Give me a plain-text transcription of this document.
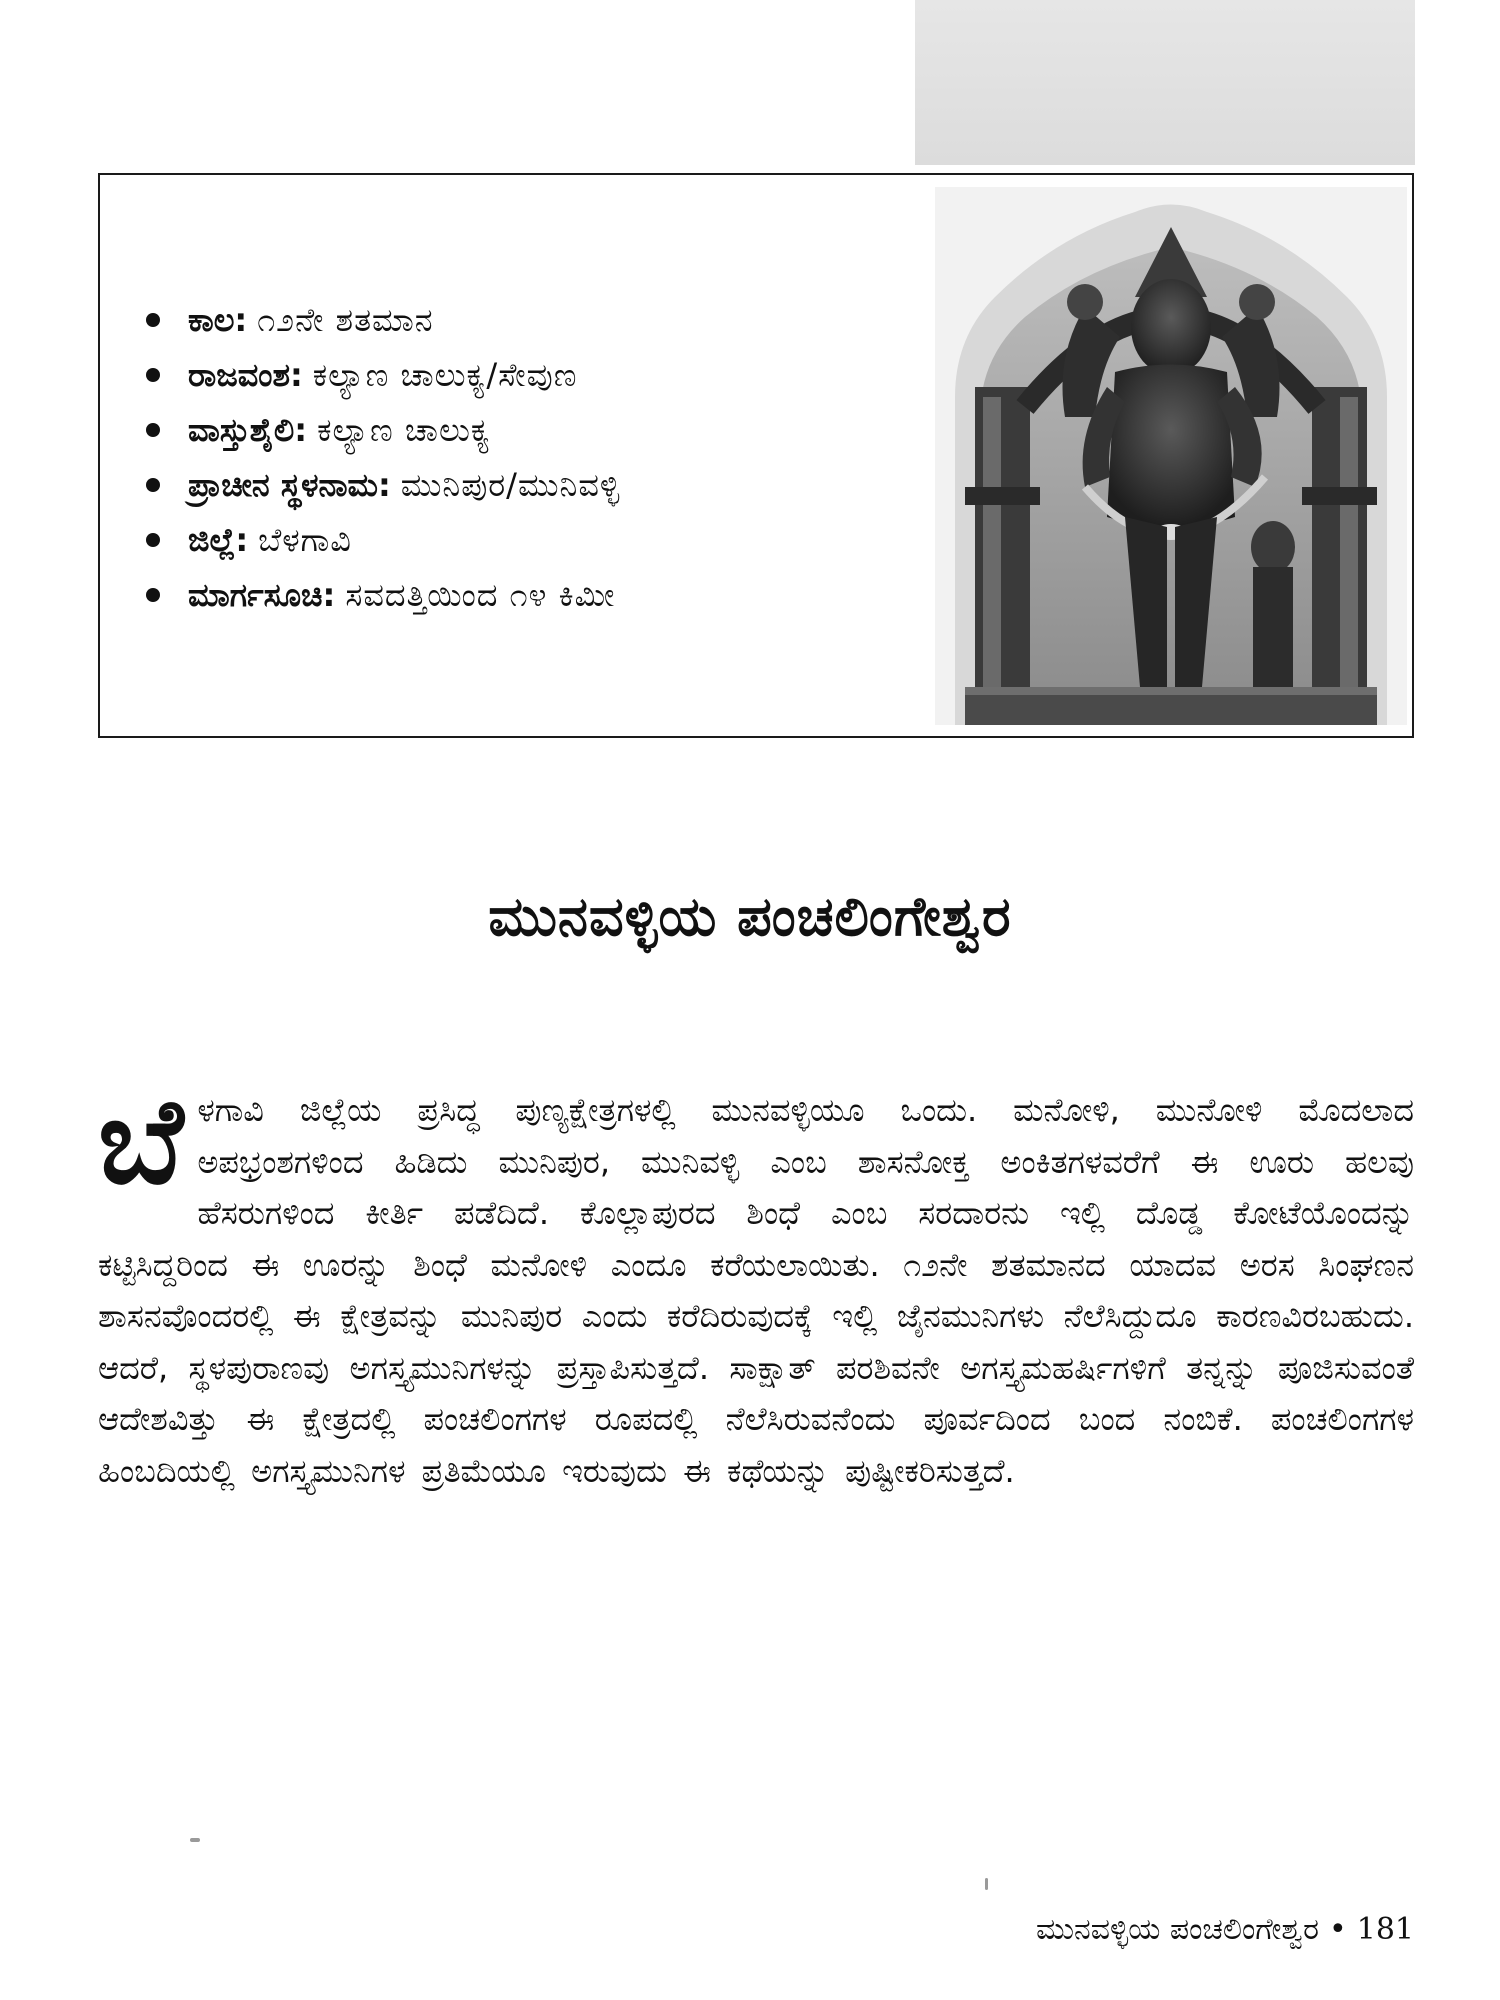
ಕಾಲ: ೧೨ನೇ ಶತಮಾನ
ರಾಜವಂಶ: ಕಲ್ಯಾಣ ಚಾಲುಕ್ಯ/ಸೇವುಣ
ವಾಸ್ತುಶೈಲಿ: ಕಲ್ಯಾಣ ಚಾಲುಕ್ಯ
ಪ್ರಾಚೀನ ಸ್ಥಳನಾಮ: ಮುನಿಪುರ/ಮುನಿವಳ್ಳಿ
ಜಿಲ್ಲೆ: ಬೆಳಗಾವಿ
ಮಾರ್ಗಸೂಚಿ: ಸವದತ್ತಿಯಿಂದ ೧೪ ಕಿಮೀ
ಮುನವಳ್ಳಿಯ ಪಂಚಲಿಂಗೇಶ್ವರ
ಬೆ ಳಗಾವಿ ಜಿಲ್ಲೆಯ ಪ್ರಸಿದ್ಧ ಪುಣ್ಯಕ್ಷೇತ್ರಗಳಲ್ಲಿ ಮುನವಳ್ಳಿಯೂ ಒಂದು. ಮನೋಳಿ, ಮುನೋಳಿ ಮೊದಲಾದ ಅಪಭ್ರಂಶಗಳಿಂದ ಹಿಡಿದು ಮುನಿಪುರ, ಮುನಿವಳ್ಳಿ ಎಂಬ ಶಾಸನೋಕ್ತ ಅಂಕಿತಗಳವರೆಗೆ ಈ ಊರು ಹಲವು ಹೆಸರುಗಳಿಂದ ಕೀರ್ತಿ ಪಡೆದಿದೆ. ಕೊಲ್ಲಾಪುರದ ಶಿಂಧೆ ಎಂಬ ಸರದಾರನು ಇಲ್ಲಿ ದೊಡ್ಡ ಕೋಟೆಯೊಂದನ್ನು ಕಟ್ಟಿಸಿದ್ದರಿಂದ ಈ ಊರನ್ನು ಶಿಂಧೆ ಮನೋಳಿ ಎಂದೂ ಕರೆಯಲಾಯಿತು. ೧೨ನೇ ಶತಮಾನದ ಯಾದವ ಅರಸ ಸಿಂಘಣನ ಶಾಸನವೊಂದರಲ್ಲಿ ಈ ಕ್ಷೇತ್ರವನ್ನು ಮುನಿಪುರ ಎಂದು ಕರೆದಿರುವುದಕ್ಕೆ ಇಲ್ಲಿ ಜೈನಮುನಿಗಳು ನೆಲೆಸಿದ್ದುದೂ ಕಾರಣವಿರಬಹುದು. ಆದರೆ, ಸ್ಥಳಪುರಾಣವು ಅಗಸ್ತ್ಯಮುನಿಗಳನ್ನು ಪ್ರಸ್ತಾಪಿಸುತ್ತದೆ. ಸಾಕ್ಷಾತ್ ಪರಶಿವನೇ ಅಗಸ್ತ್ಯಮಹರ್ಷಿಗಳಿಗೆ ತನ್ನನ್ನು ಪೂಜಿಸುವಂತೆ ಆದೇಶವಿತ್ತು ಈ ಕ್ಷೇತ್ರದಲ್ಲಿ ಪಂಚಲಿಂಗಗಳ ರೂಪದಲ್ಲಿ ನೆಲೆಸಿರುವನೆಂದು ಪೂರ್ವದಿಂದ ಬಂದ ನಂಬಿಕೆ. ಪಂಚಲಿಂಗಗಳ ಹಿಂಬದಿಯಲ್ಲಿ ಅಗಸ್ತ್ಯಮುನಿಗಳ ಪ್ರತಿಮೆಯೂ ಇರುವುದು ಈ ಕಥೆಯನ್ನು ಪುಷ್ಟೀಕರಿಸುತ್ತದೆ.

ಮುನವಳ್ಳಿಯ ಪಂಚಲಿಂಗೇಶ್ವರ • 181
